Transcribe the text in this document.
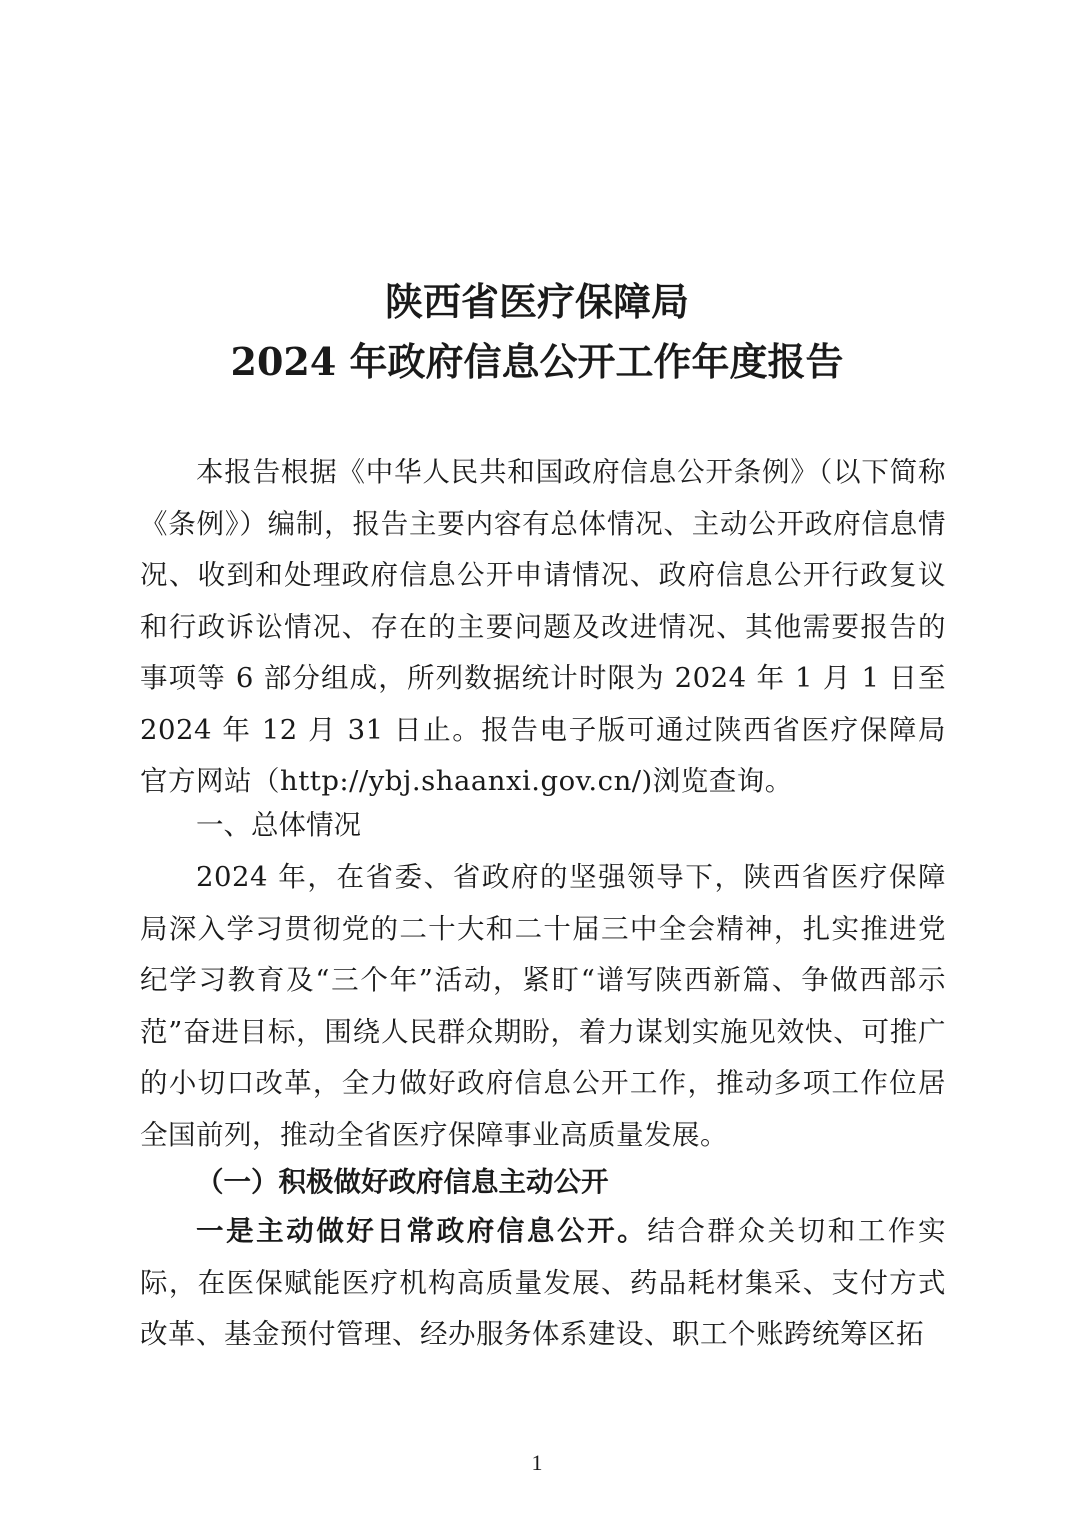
陕西省医疗保障局
2024 年政府信息公开工作年度报告

本报告根据《中华人民共和国政府信息公开条例》（以下简称《条例》）编制，报告主要内容有总体情况、主动公开政府信息情况、收到和处理政府信息公开申请情况、政府信息公开行政复议和行政诉讼情况、存在的主要问题及改进情况、其他需要报告的事项等 6 部分组成，所列数据统计时限为 2024 年 1 月 1 日至 2024 年 12 月 31 日止。报告电子版可通过陕西省医疗保障局官方网站（http://ybj.shaanxi.gov.cn/)浏览查询。

一、总体情况

2024 年，在省委、省政府的坚强领导下，陕西省医疗保障局深入学习贯彻党的二十大和二十届三中全会精神，扎实推进党纪学习教育及“三个年”活动，紧盯“谱写陕西新篇、争做西部示范”奋进目标，围绕人民群众期盼，着力谋划实施见效快、可推广的小切口改革，全力做好政府信息公开工作，推动多项工作位居全国前列，推动全省医疗保障事业高质量发展。

（一）积极做好政府信息主动公开

一是主动做好日常政府信息公开。结合群众关切和工作实际，在医保赋能医疗机构高质量发展、药品耗材集采、支付方式改革、基金预付管理、经办服务体系建设、职工个账跨统筹区拓

1
